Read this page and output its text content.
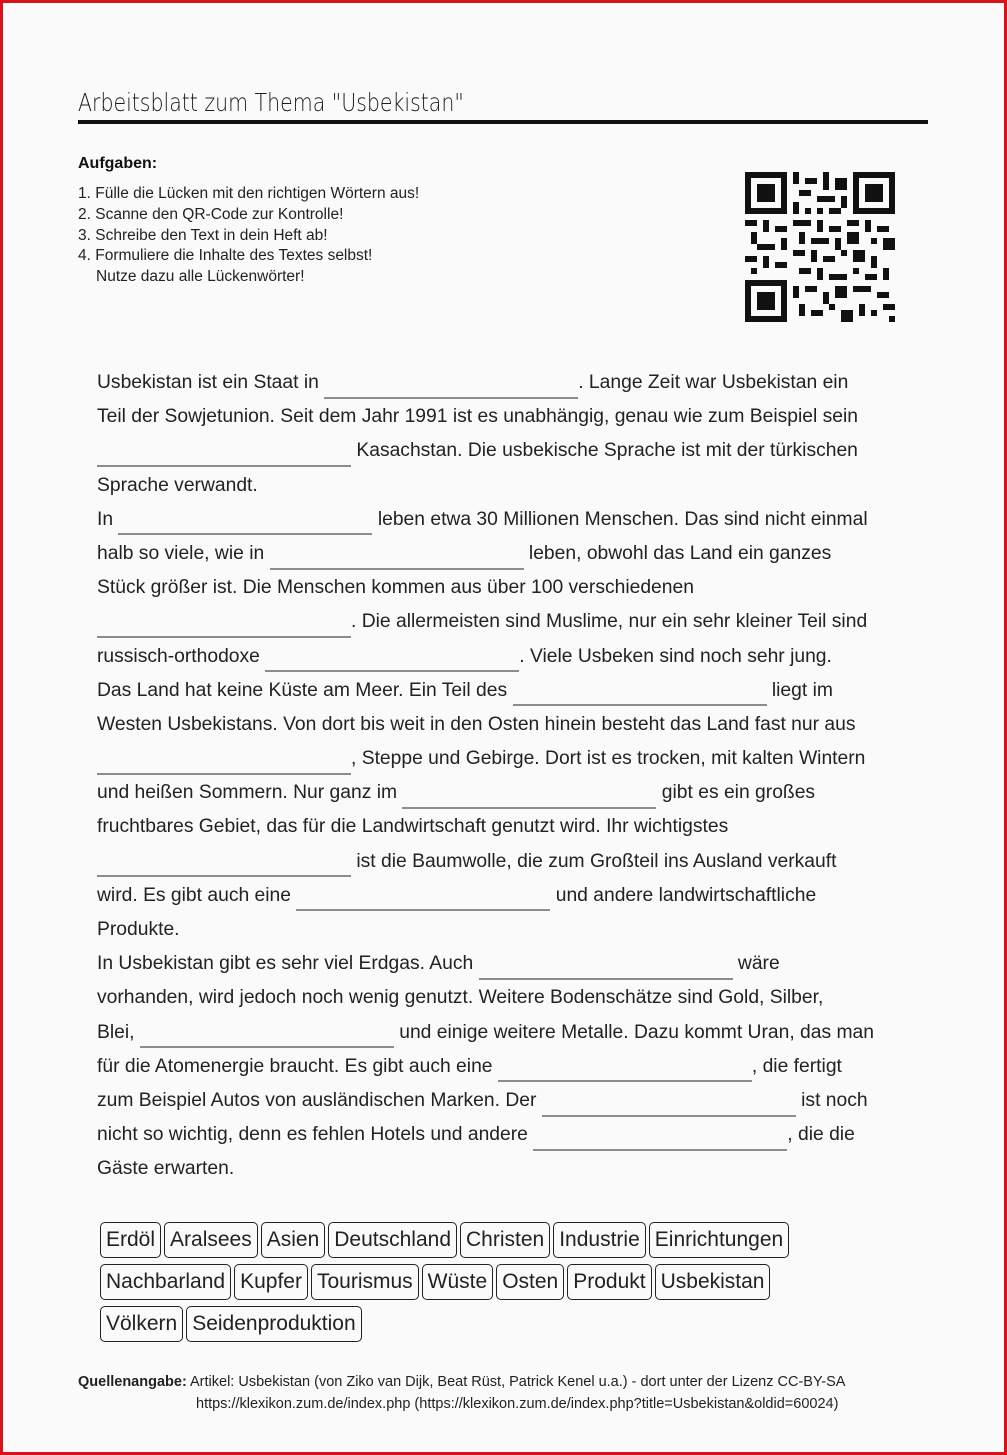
Arbeitsblatt zum Thema "Usbekistan"
Aufgaben:
1. Fülle die Lücken mit den richtigen Wörtern aus!
2. Scanne den QR-Code zur Kontrolle!
3. Schreibe den Text in dein Heft ab!
4. Formuliere die Inhalte des Textes selbst!
Nutze dazu alle Lückenwörter!
Usbekistan ist ein Staat in	. Lange Zeit war Usbekistan ein
Teil der Sowjetunion. Seit dem Jahr 1991 ist es unabhängig, genau wie zum Beispiel sein
Kasachstan. Die usbekische Sprache ist mit der türkischen
Sprache verwandt.
In	leben etwa 30 Millionen Menschen. Das sind nicht einmal
halb so viele, wie in	leben, obwohl das Land ein ganzes
Stück größer ist. Die Menschen kommen aus über 100 verschiedenen
. Die allermeisten sind Muslime, nur ein sehr kleiner Teil sind
russisch-orthodoxe	. Viele Usbeken sind noch sehr jung.
Das Land hat keine Küste am Meer. Ein Teil des	liegt im
Westen Usbekistans. Von dort bis weit in den Osten hinein besteht das Land fast nur aus
, Steppe und Gebirge. Dort ist es trocken, mit kalten Wintern
und heißen Sommern. Nur ganz im	gibt es ein großes
fruchtbares Gebiet, das für die Landwirtschaft genutzt wird. Ihr wichtigstes
ist die Baumwolle, die zum Großteil ins Ausland verkauft
wird. Es gibt auch eine	und andere landwirtschaftliche
Produkte.
In Usbekistan gibt es sehr viel Erdgas. Auch	wäre
vorhanden, wird jedoch noch wenig genutzt. Weitere Bodenschätze sind Gold, Silber,
Blei,	und einige weitere Metalle. Dazu kommt Uran, das man
für die Atomenergie braucht. Es gibt auch eine	, die fertigt
zum Beispiel Autos von ausländischen Marken. Der	ist noch
nicht so wichtig, denn es fehlen Hotels und andere	, die die
Gäste erwarten.
Erdöl Aralsees Asien Deutschland Christen Industrie Einrichtungen
Nachbarland Kupfer Tourismus Wüste Osten Produkt Usbekistan
Völkern Seidenproduktion
Quellenangabe: Artikel: Usbekistan (von Ziko van Dijk, Beat Rüst, Patrick Kenel u.a.) - dort unter der Lizenz CC-BY-SA
https://klexikon.zum.de/index.php (https://klexikon.zum.de/index.php?title=Usbekistan&oldid=60024)
